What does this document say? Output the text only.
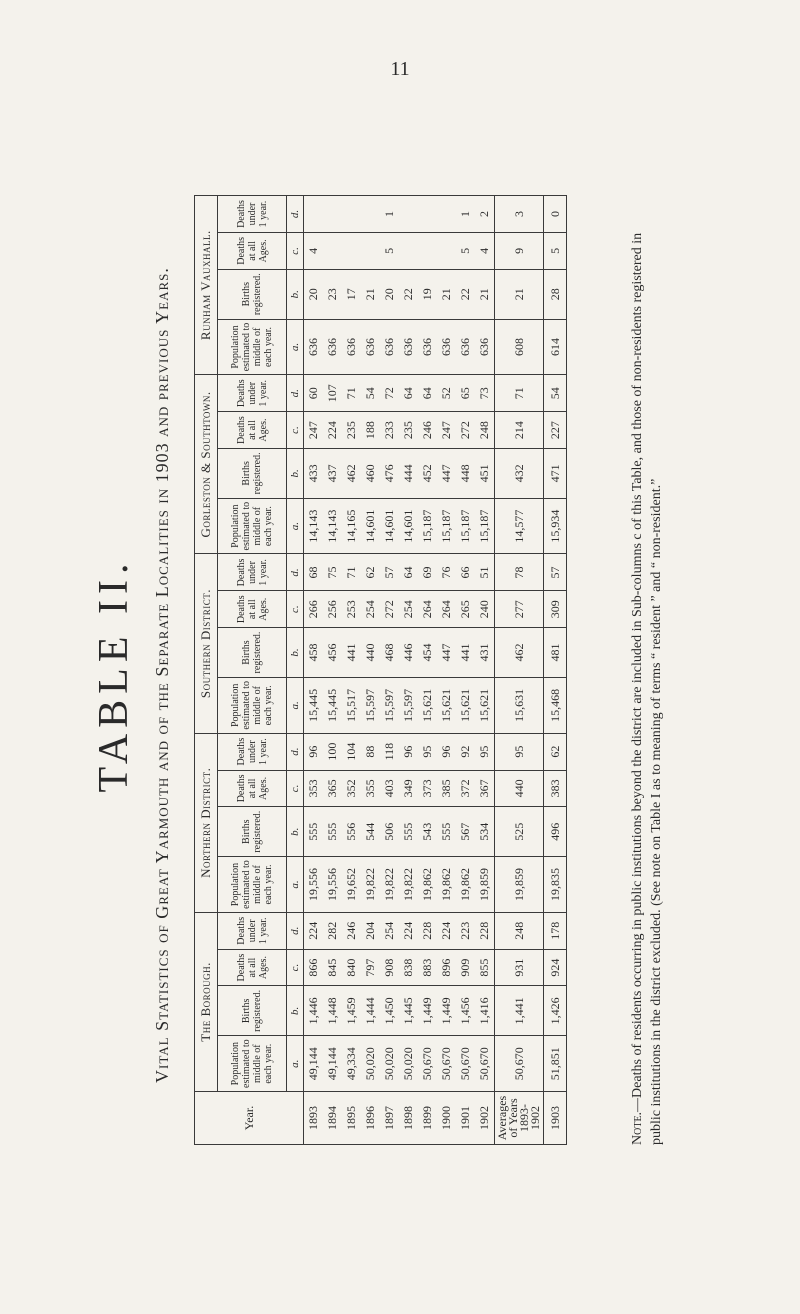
11
TABLE II. Vital Statistics of Great Yarmouth and of the Separate Localities in 1903 and previous Years.
Year.	The Borough.				Northern District.				Southern District.				Gorleston & Southtown.				Runham Vauxhall.			
	Population estimated to middle of each year.	Births registered.	Deaths at all Ages.	Deaths under 1 year.	Population estimated to middle of each year.	Births registered.	Deaths at all Ages.	Deaths under 1 year.	Population estimated to middle of each year.	Births registered.	Deaths at all Ages.	Deaths under 1 year.	Population estimated to middle of each year.	Births registered.	Deaths at all Ages.	Deaths under 1 year.	Population estimated to middle of each year.	Births registered.	Deaths at all Ages.	Deaths under 1 year.
	a.	b.	c.	d.	a.	b.	c.	d.	a.	b.	c.	d.	a.	b.	c.	d.	a.	b.	c.	d.
1893	49,144	1,446	866	224	19,556	555	353	96	15,445	458	266	68	14,143	433	247	60	636	20	4	
1894	49,144	1,448	845	282	19,556	555	365	100	15,445	456	256	75	14,143	437	224	107	636	23		
1895	49,334	1,459	840	246	19,652	556	352	104	15,517	441	253	71	14,165	462	235	71	636	17		
1896	50,020	1,444	797	204	19,822	544	355	88	15,597	440	254	62	14,601	460	188	54	636	21		
1897	50,020	1,450	908	254	19,822	506	403	118	15,597	468	272	57	14,601	476	233	72	636	20	5	1
1898	50,020	1,445	838	224	19,822	555	349	96	15,597	446	254	64	14,601	444	235	64	636	22		
1899	50,670	1,449	883	228	19,862	543	373	95	15,621	454	264	69	15,187	452	246	64	636	19		
1900	50,670	1,449	896	224	19,862	555	385	96	15,621	447	264	76	15,187	447	247	52	636	21		
1901	50,670	1,456	909	223	19,862	567	372	92	15,621	441	265	66	15,187	448	272	65	636	22	5	1
1902	50,670	1,416	855	228	19,859	534	367	95	15,621	431	240	51	15,187	451	248	73	636	21	4	2
Averages of Years 1893-1902	50,670	1,441	931	248	19,859	525	440	95	15,631	462	277	78	14,577	432	214	71	608	21	9	3
1903	51,851	1,426	924	178	19,835	496	383	62	15,468	481	309	57	15,934	471	227	54	614	28	5	0
Note.—Deaths of residents occurring in public institutions beyond the district are included in Sub-columns c of this Table, and those of non-residents registered in public institutions in the district excluded. (See note on Table I as to meaning of terms “ resident ” and “ non-resident.”
